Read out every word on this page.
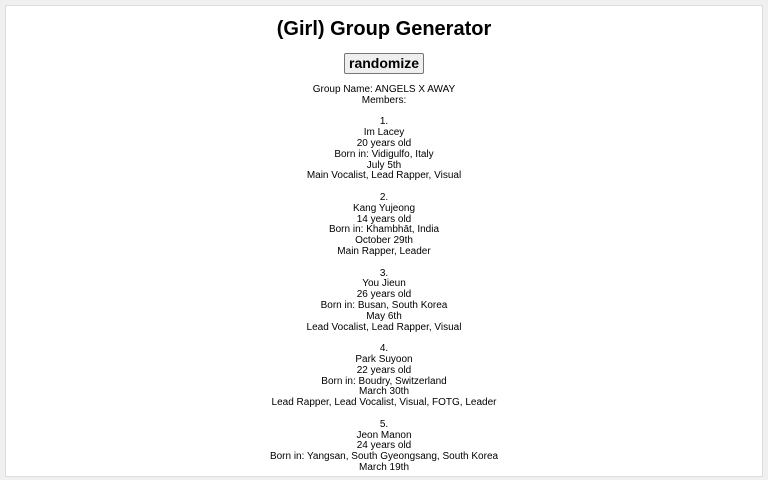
(Girl) Group Generator
randomize
Group Name: ANGELS X AWAY
Members:
1.
Im Lacey
20 years old
Born in: Vidigulfo, Italy
July 5th
Main Vocalist, Lead Rapper, Visual
2.
Kang Yujeong
14 years old
Born in: Khambhāt, India
October 29th
Main Rapper, Leader
3.
You Jieun
26 years old
Born in: Busan, South Korea
May 6th
Lead Vocalist, Lead Rapper, Visual
4.
Park Suyoon
22 years old
Born in: Boudry, Switzerland
March 30th
Lead Rapper, Lead Vocalist, Visual, FOTG, Leader
5.
Jeon Manon
24 years old
Born in: Yangsan, South Gyeongsang, South Korea
March 19th
